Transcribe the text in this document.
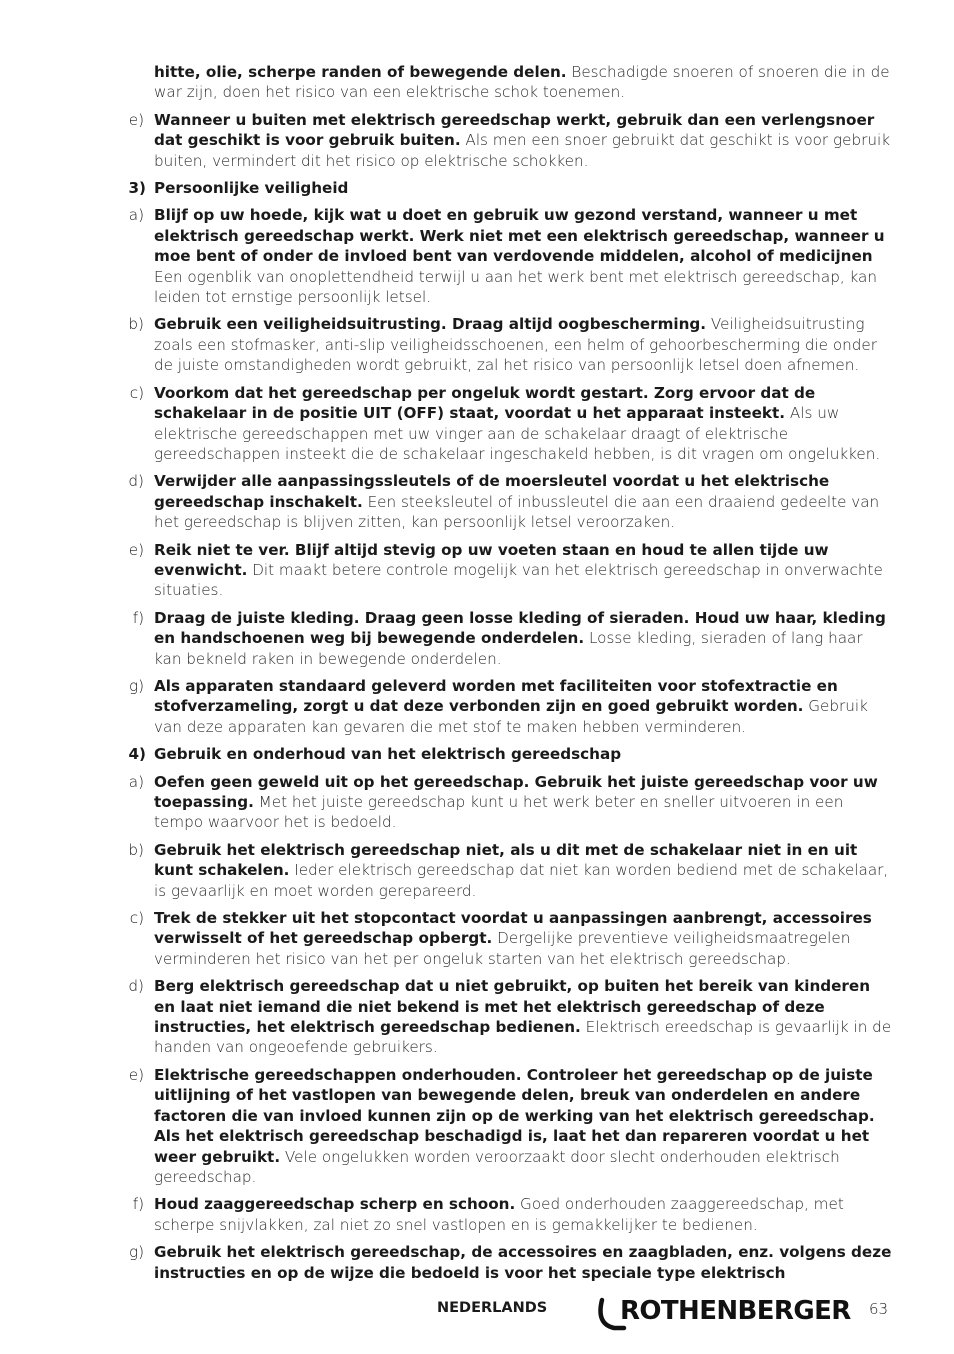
hitte, olie, scherpe randen of bewegende delen. Beschadigde snoeren of snoeren die in de war zijn, doen het risico van een elektrische schok toenemen.
e) Wanneer u buiten met elektrisch gereedschap werkt, gebruik dan een verlengsnoer dat geschikt is voor gebruik buiten. Als men een snoer gebruikt dat geschikt is voor gebruik buiten, vermindert dit het risico op elektrische schokken.
3) Persoonlijke veiligheid
a) Blijf op uw hoede, kijk wat u doet en gebruik uw gezond verstand, wanneer u met elektrisch gereedschap werkt. Werk niet met een elektrisch gereedschap, wanneer u moe bent of onder de invloed bent van verdovende middelen, alcohol of medicijnen Een ogenblik van onoplettendheid terwijl u aan het werk bent met elektrisch gereedschap, kan leiden tot ernstige persoonlijk letsel.
b) Gebruik een veiligheidsuitrusting. Draag altijd oogbescherming. Veiligheidsuitrusting zoals een stofmasker, anti-slip veiligheidsschoenen, een helm of gehoorbescherming die onder de juiste omstandigheden wordt gebruikt, zal het risico van persoonlijk letsel doen afnemen.
c) Voorkom dat het gereedschap per ongeluk wordt gestart. Zorg ervoor dat de schakelaar in de positie UIT (OFF) staat, voordat u het apparaat insteekt. Als uw elektrische gereedschappen met uw vinger aan de schakelaar draagt of elektrische gereedschappen insteekt die de schakelaar ingeschakeld hebben, is dit vragen om ongelukken.
d) Verwijder alle aanpassingssleutels of de moersleutel voordat u het elektrische gereedschap inschakelt. Een steeksleutel of inbussleutel die aan een draaiend gedeelte van het gereedschap is blijven zitten, kan persoonlijk letsel veroorzaken.
e) Reik niet te ver. Blijf altijd stevig op uw voeten staan en houd te allen tijde uw evenwicht. Dit maakt betere controle mogelijk van het elektrisch gereedschap in onverwachte situaties.
f) Draag de juiste kleding. Draag geen losse kleding of sieraden. Houd uw haar, kleding en handschoenen weg bij bewegende onderdelen. Losse kleding, sieraden of lang haar kan bekneld raken in bewegende onderdelen.
g) Als apparaten standaard geleverd worden met faciliteiten voor stofextractie en stofverzameling, zorgt u dat deze verbonden zijn en goed gebruikt worden. Gebruik van deze apparaten kan gevaren die met stof te maken hebben verminderen.
4) Gebruik en onderhoud van het elektrisch gereedschap
a) Oefen geen geweld uit op het gereedschap. Gebruik het juiste gereedschap voor uw toepassing. Met het juiste gereedschap kunt u het werk beter en sneller uitvoeren in een tempo waarvoor het is bedoeld.
b) Gebruik het elektrisch gereedschap niet, als u dit met de schakelaar niet in en uit kunt schakelen. Ieder elektrisch gereedschap dat niet kan worden bediend met de schakelaar, is gevaarlijk en moet worden gerepareerd.
c) Trek de stekker uit het stopcontact voordat u aanpassingen aanbrengt, accessoires verwisselt of het gereedschap opbergt. Dergelijke preventieve veiligheidsmaatregelen verminderen het risico van het per ongeluk starten van het elektrisch gereedschap.
d) Berg elektrisch gereedschap dat u niet gebruikt, op buiten het bereik van kinderen en laat niet iemand die niet bekend is met het elektrisch gereedschap of deze instructies, het elektrisch gereedschap bedienen. Elektrisch ereedschap is gevaarlijk in de handen van ongeoefende gebruikers.
e) Elektrische gereedschappen onderhouden. Controleer het gereedschap op de juiste uitlijning of het vastlopen van bewegende delen, breuk van onderdelen en andere factoren die van invloed kunnen zijn op de werking van het elektrisch gereedschap. Als het elektrisch gereedschap beschadigd is, laat het dan repareren voordat u het weer gebruikt. Vele ongelukken worden veroorzaakt door slecht onderhouden elektrisch gereedschap.
f) Houd zaaggereedschap scherp en schoon. Goed onderhouden zaaggereedschap, met scherpe snijvlakken, zal niet zo snel vastlopen en is gemakkelijker te bedienen.
g) Gebruik het elektrisch gereedschap, de accessoires en zaagbladen, enz. volgens deze instructies en op de wijze die bedoeld is voor het speciale type elektrisch
NEDERLANDS	ROTHENBERGER 63
